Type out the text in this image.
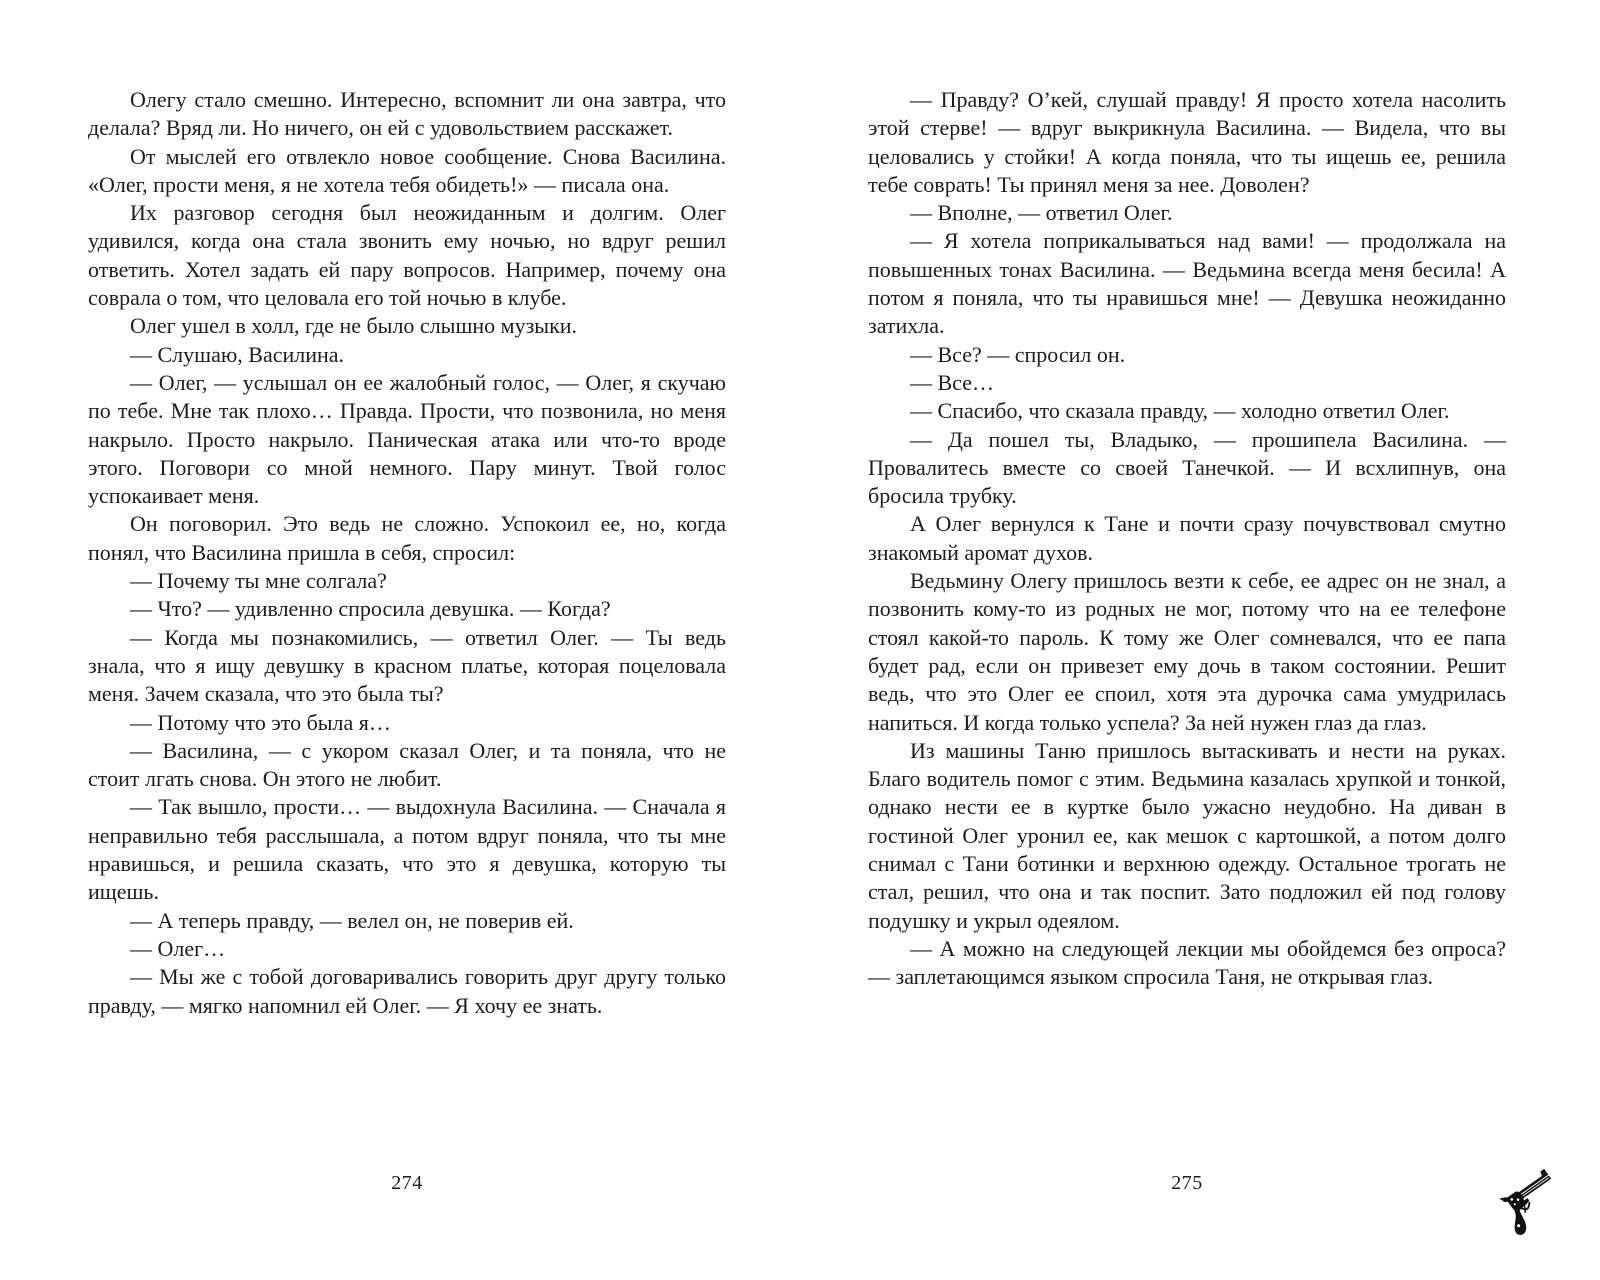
Олегу стало смешно. Интересно, вспомнит ли она завтра, что делала? Вряд ли. Но ничего, он ей с удовольствием расскажет.

От мыслей его отвлекло новое сообщение. Снова Василина. «Олег, прости меня, я не хотела тебя обидеть!» — писала она.

Их разговор сегодня был неожиданным и долгим. Олег удивился, когда она стала звонить ему ночью, но вдруг решил ответить. Хотел задать ей пару вопросов. Например, почему она соврала о том, что целовала его той ночью в клубе.

Олег ушел в холл, где не было слышно музыки.

— Слушаю, Василина.

— Олег, — услышал он ее жалобный голос, — Олег, я скучаю по тебе. Мне так плохо… Правда. Прости, что позвонила, но меня накрыло. Просто накрыло. Паническая атака или что-то вроде этого. Поговори со мной немного. Пару минут. Твой голос успокаивает меня.

Он поговорил. Это ведь не сложно. Успокоил ее, но, когда понял, что Василина пришла в себя, спросил:

— Почему ты мне солгала?

— Что? — удивленно спросила девушка. — Когда?

— Когда мы познакомились, — ответил Олег. — Ты ведь знала, что я ищу девушку в красном платье, которая поцеловала меня. Зачем сказала, что это была ты?

— Потому что это была я…

— Василина, — с укором сказал Олег, и та поняла, что не стоит лгать снова. Он этого не любит.

— Так вышло, прости… — выдохнула Василина. — Сначала я неправильно тебя расслышала, а потом вдруг поняла, что ты мне нравишься, и решила сказать, что это я девушка, которую ты ищешь.

— А теперь правду, — велел он, не поверив ей.

— Олег…

— Мы же с тобой договаривались говорить друг другу только правду, — мягко напомнил ей Олег. — Я хочу ее знать.

— Правду? О’кей, слушай правду! Я просто хотела насолить этой стерве! — вдруг выкрикнула Василина. — Видела, что вы целовались у стойки! А когда поняла, что ты ищешь ее, решила тебе соврать! Ты принял меня за нее. Доволен?

— Вполне, — ответил Олег.

— Я хотела поприкалываться над вами! — продолжала на повышенных тонах Василина. — Ведьмина всегда меня бесила! А потом я поняла, что ты нравишься мне! — Девушка неожиданно затихла.

— Все? — спросил он.

— Все…

— Спасибо, что сказала правду, — холодно ответил Олег.

— Да пошел ты, Владыко, — прошипела Василина. — Провалитесь вместе со своей Танечкой. — И всхлипнув, она бросила трубку.

А Олег вернулся к Тане и почти сразу почувствовал смутно знакомый аромат духов.

Ведьмину Олегу пришлось везти к себе, ее адрес он не знал, а позвонить кому-то из родных не мог, потому что на ее телефоне стоял какой-то пароль. К тому же Олег сомневался, что ее папа будет рад, если он привезет ему дочь в таком состоянии. Решит ведь, что это Олег ее споил, хотя эта дурочка сама умудрилась напиться. И когда только успела? За ней нужен глаз да глаз.

Из машины Таню пришлось вытаскивать и нести на руках. Благо водитель помог с этим. Ведьмина казалась хрупкой и тонкой, однако нести ее в куртке было ужасно неудобно. На диван в гостиной Олег уронил ее, как мешок с картошкой, а потом долго снимал с Тани ботинки и верхнюю одежду. Остальное трогать не стал, решил, что она и так поспит. Зато подложил ей под голову подушку и укрыл одеялом.

— А можно на следующей лекции мы обойдемся без опроса? — заплетающимся языком спросила Таня, не открывая глаз.

274	275
